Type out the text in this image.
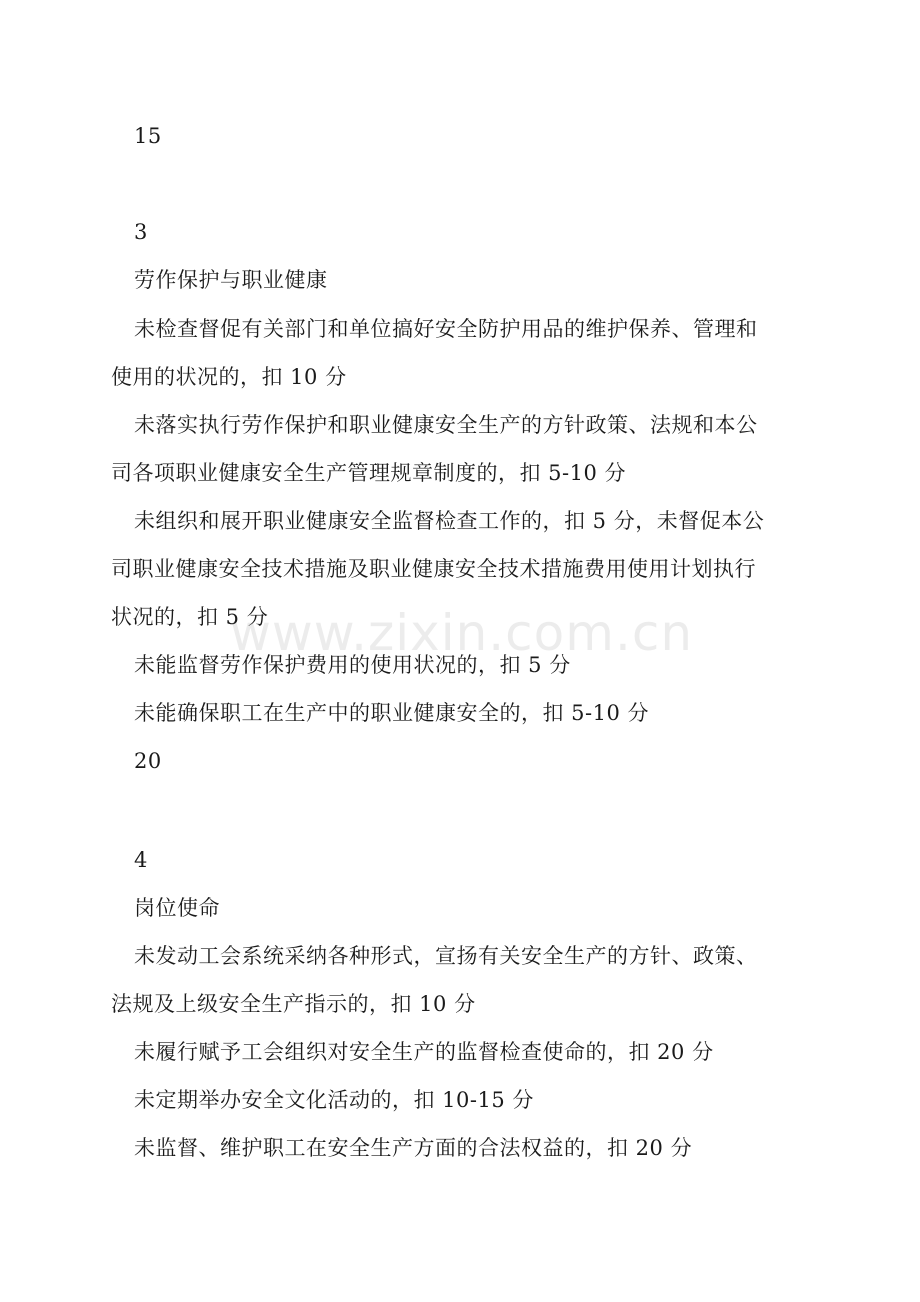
15
3
劳作保护与职业健康
未检查督促有关部门和单位搞好安全防护用品的维护保养、管理和
使用的状况的，扣 10 分
未落实执行劳作保护和职业健康安全生产的方针政策、法规和本公
司各项职业健康安全生产管理规章制度的，扣 5-10 分
未组织和展开职业健康安全监督检查工作的，扣 5 分，未督促本公
司职业健康安全技术措施及职业健康安全技术措施费用使用计划执行
状况的，扣 5 分
未能监督劳作保护费用的使用状况的，扣 5 分
未能确保职工在生产中的职业健康安全的，扣 5-10 分
20
4
岗位使命
未发动工会系统采纳各种形式，宣扬有关安全生产的方针、政策、
法规及上级安全生产指示的，扣 10 分
未履行赋予工会组织对安全生产的监督检查使命的，扣 20 分
未定期举办安全文化活动的，扣 10-15 分
未监督、维护职工在安全生产方面的合法权益的，扣 20 分
www.zixin.com.cn
